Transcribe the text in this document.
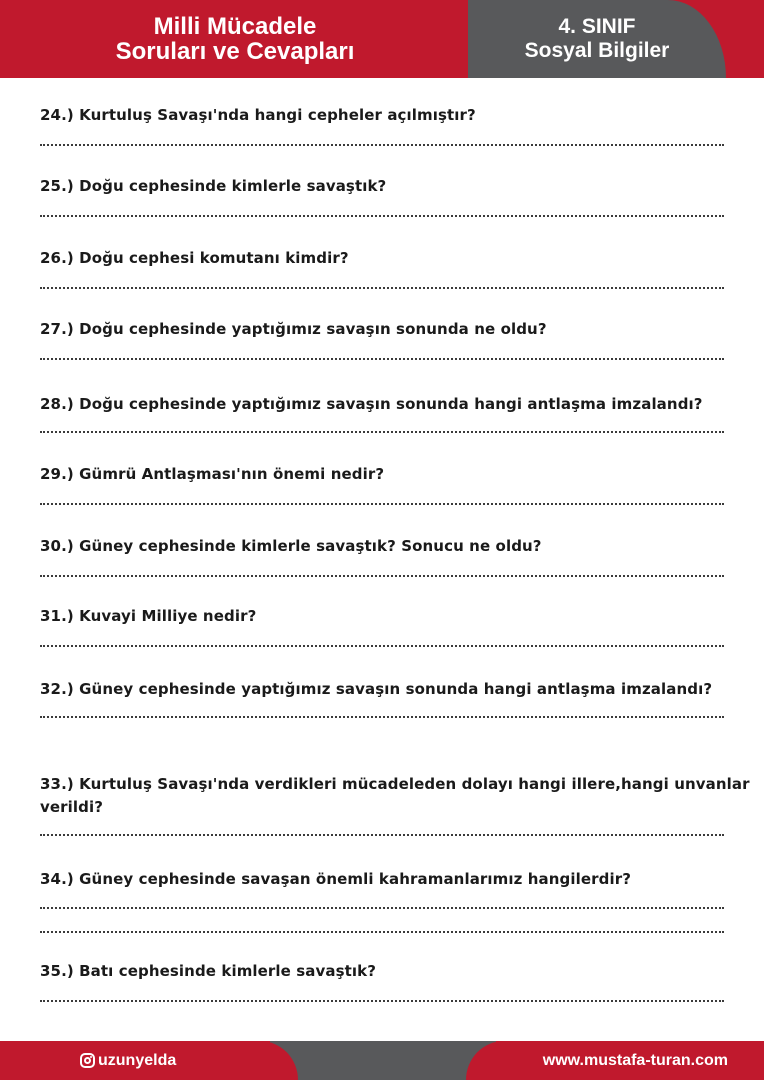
Milli Mücadele
Soruları ve Cevapları
4. SINIF
Sosyal Bilgiler
24.) Kurtuluş Savaşı'nda hangi cepheler açılmıştır?
25.) Doğu cephesinde kimlerle savaştık?
26.) Doğu cephesi komutanı kimdir?
27.) Doğu cephesinde yaptığımız savaşın sonunda ne oldu?
28.) Doğu cephesinde yaptığımız savaşın sonunda hangi antlaşma imzalandı?
29.) Gümrü Antlaşması'nın önemi nedir?
30.) Güney cephesinde kimlerle savaştık? Sonucu ne oldu?
31.) Kuvayi Milliye nedir?
32.) Güney cephesinde yaptığımız savaşın sonunda hangi antlaşma imzalandı?
33.) Kurtuluş Savaşı'nda verdikleri mücadeleden dolayı hangi illere,hangi unvanlar
verildi?
34.) Güney cephesinde savaşan önemli kahramanlarımız hangilerdir?
35.) Batı cephesinde kimlerle savaştık?
uzunyelda	www.mustafa-turan.com
